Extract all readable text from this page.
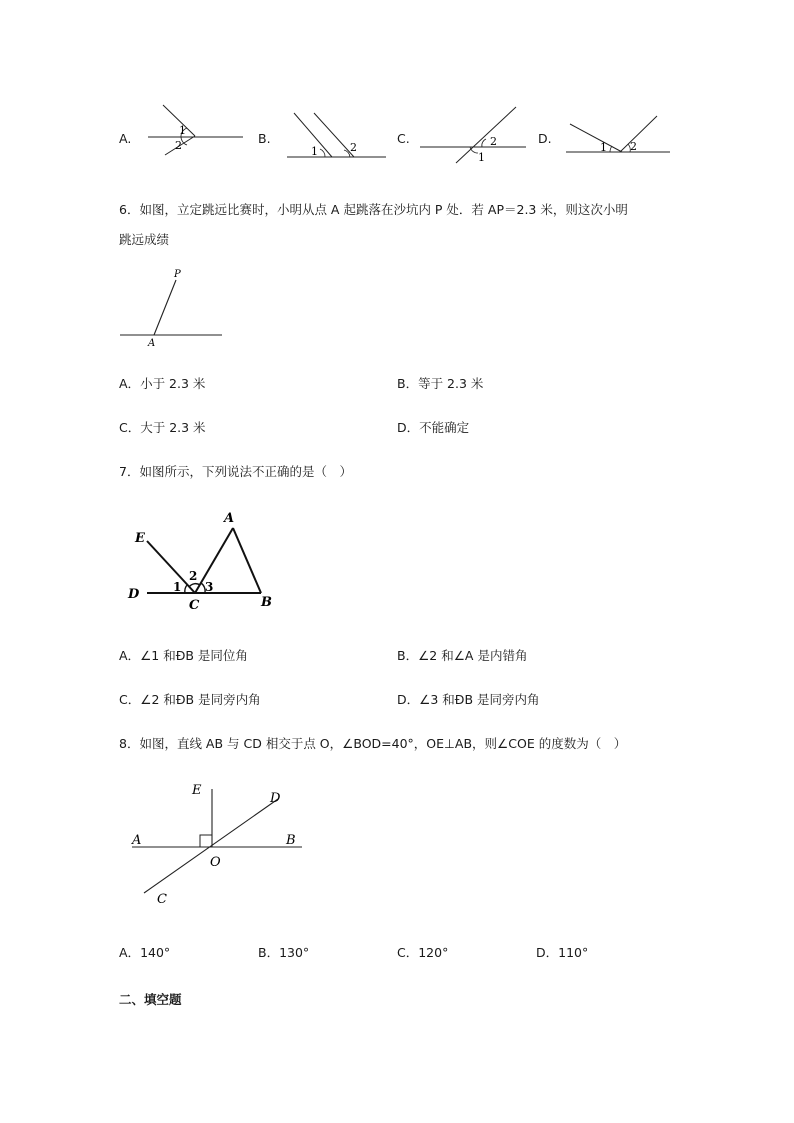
A.
1
2	B.
1	2
C.	2
1
D.
1 2
6．如图，立定跳远比赛时，小明从点 A 起跳落在沙坑内 P 处．若 AP＝2.3 米，则这次小明
跳远成绩
P
A
A．小于 2.3 米	B．等于 2.3 米
C．大于 2.3 米	D．不能确定
7．如图所示，下列说法不正确的是（　）
E
A
D
C	B
1
2
3
A．∠1 和ÐB 是同位角	B．∠2 和∠A 是内错角
C．∠2 和ÐB 是同旁内角	D．∠3 和ÐB 是同旁内角
8．如图，直线 AB 与 CD 相交于点 O，∠BOD=40°，OE⊥AB，则∠COE 的度数为（　）
E
D
A	B
O
C
A．140°	B．130°	C．120°	D．110°
二、填空题
